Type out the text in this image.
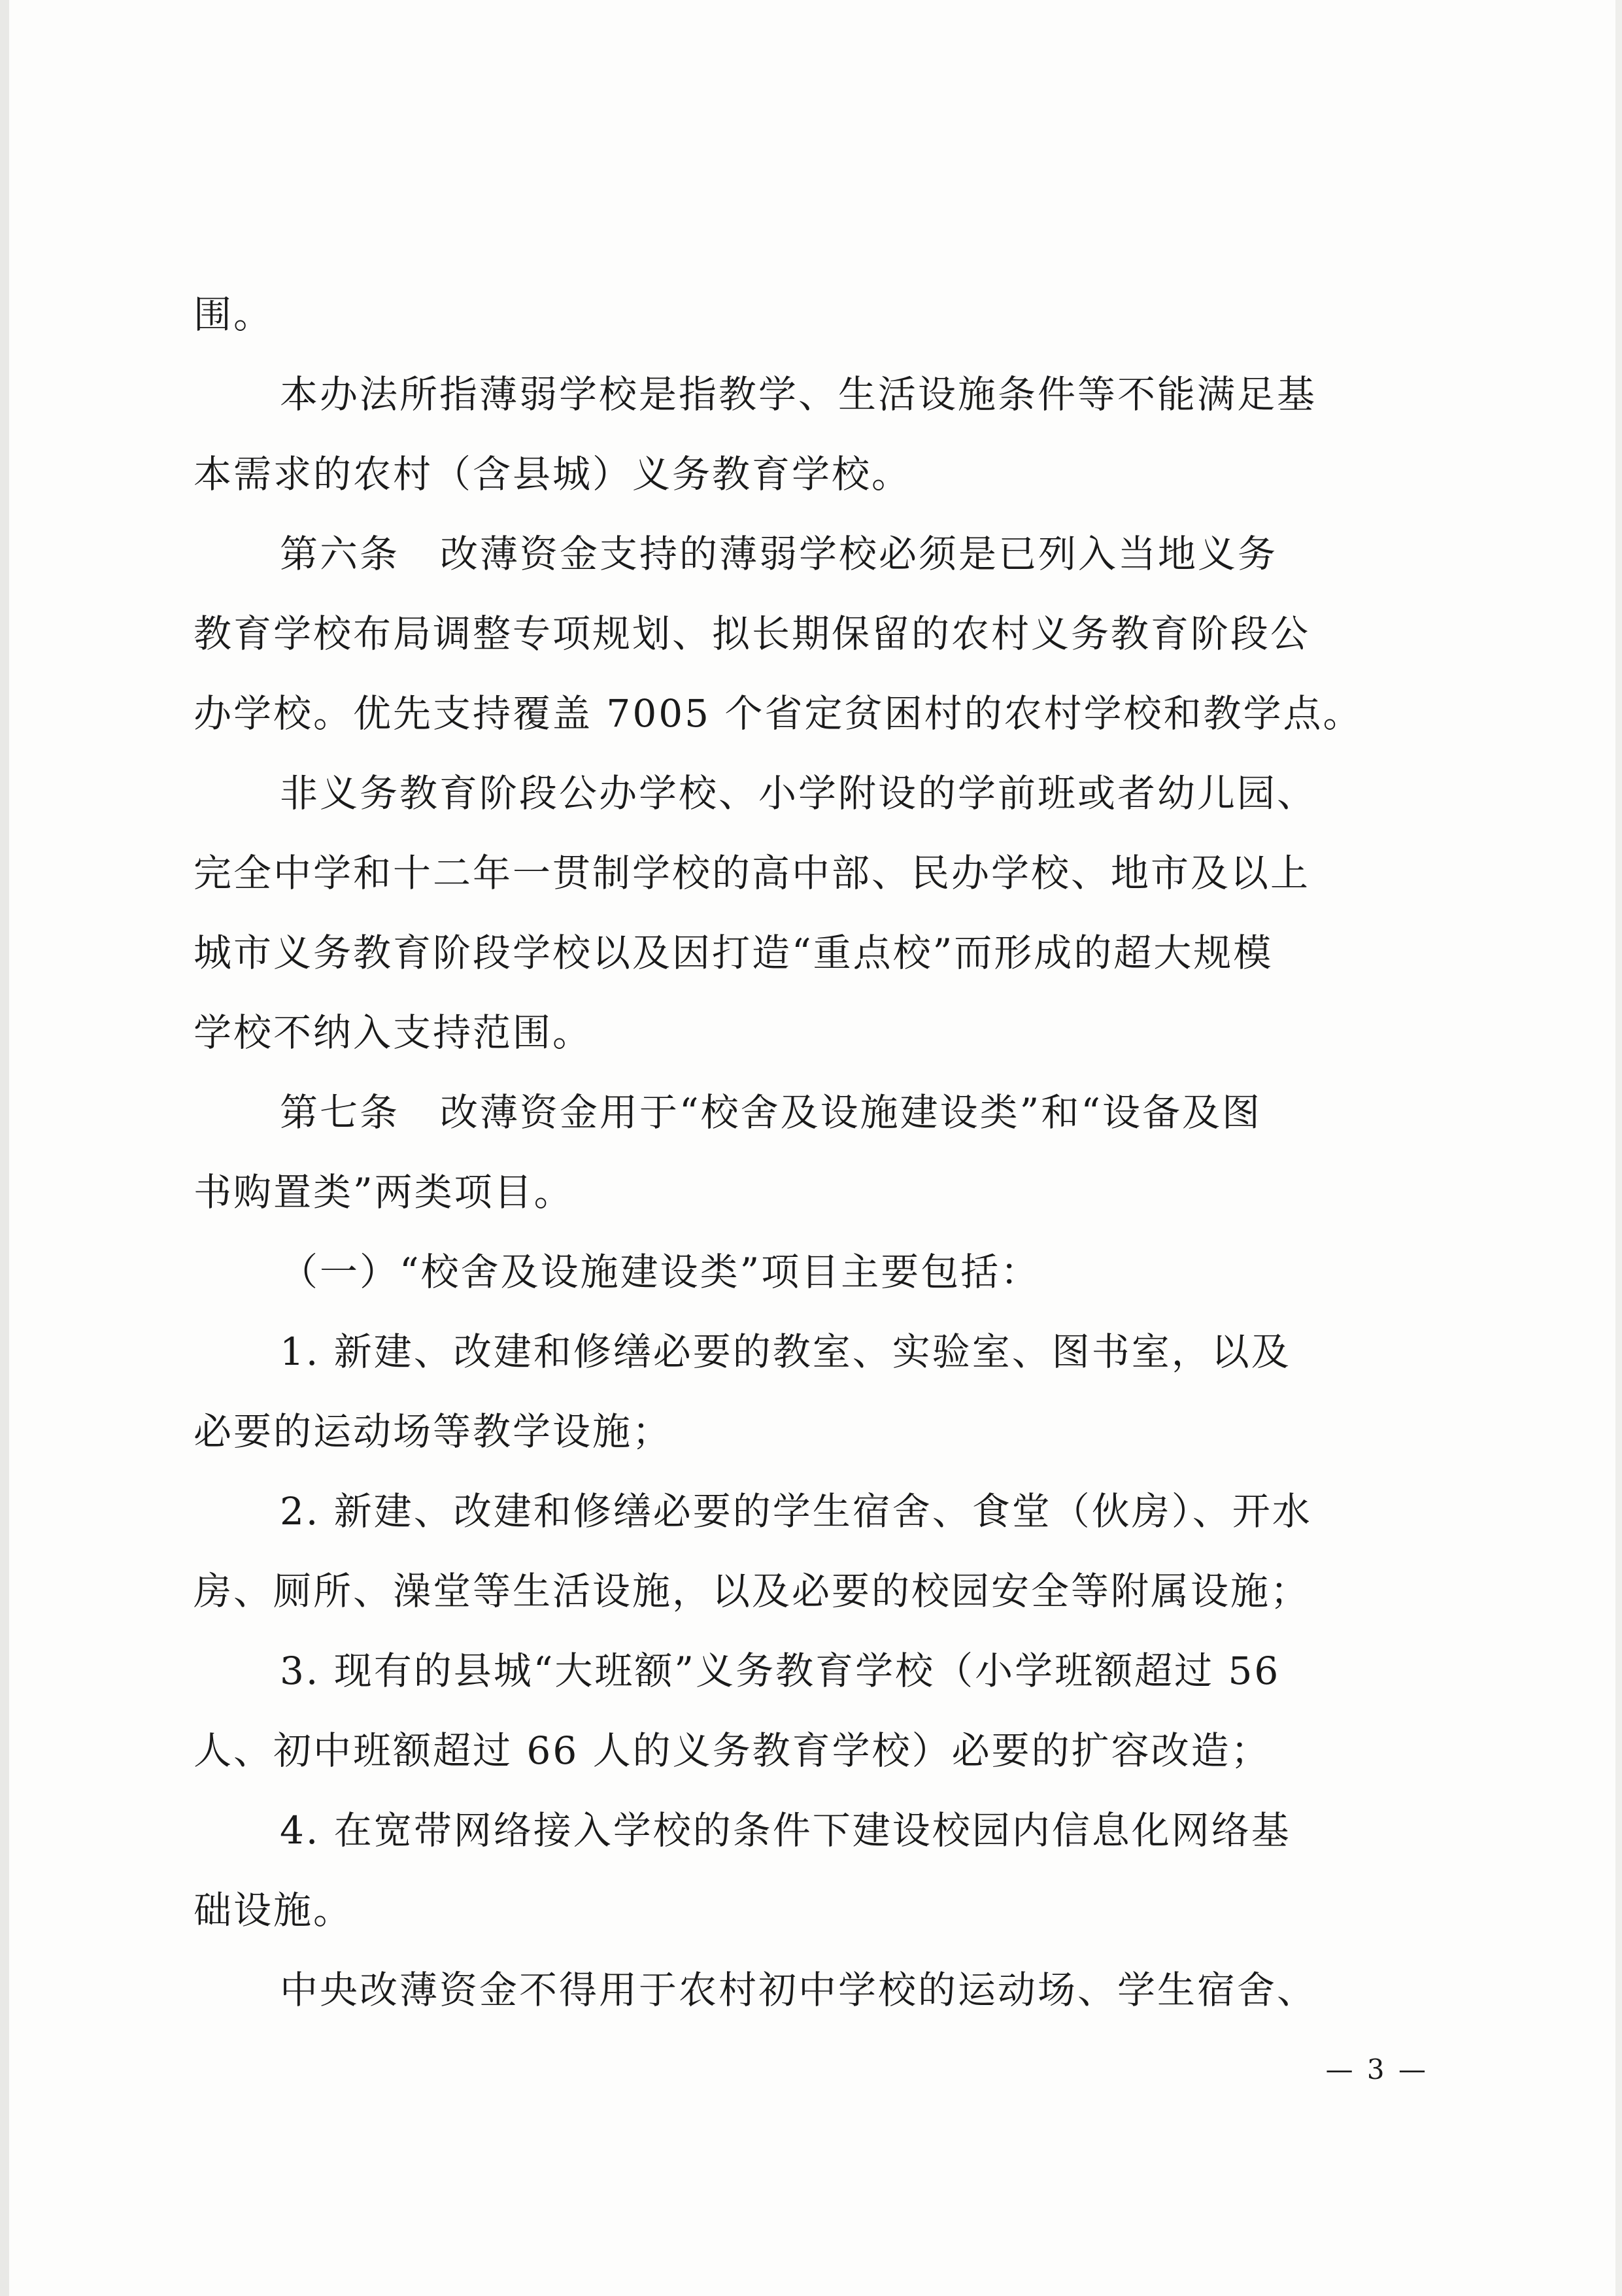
围。
本办法所指薄弱学校是指教学、生活设施条件等不能满足基
本需求的农村（含县城）义务教育学校。
第六条 改薄资金支持的薄弱学校必须是已列入当地义务
教育学校布局调整专项规划、拟长期保留的农村义务教育阶段公
办学校。优先支持覆盖 7005 个省定贫困村的农村学校和教学点。
非义务教育阶段公办学校、小学附设的学前班或者幼儿园、
完全中学和十二年一贯制学校的高中部、民办学校、地市及以上
城市义务教育阶段学校以及因打造“重点校”而形成的超大规模
学校不纳入支持范围。
第七条 改薄资金用于“校舍及设施建设类”和“设备及图
书购置类”两类项目。
（一）“校舍及设施建设类”项目主要包括：
1. 新建、改建和修缮必要的教室、实验室、图书室，以及
必要的运动场等教学设施；
2. 新建、改建和修缮必要的学生宿舍、食堂（伙房）、开水
房、厕所、澡堂等生活设施，以及必要的校园安全等附属设施；
3. 现有的县城“大班额”义务教育学校（小学班额超过 56
人、初中班额超过 66 人的义务教育学校）必要的扩容改造；
4. 在宽带网络接入学校的条件下建设校园内信息化网络基
础设施。
中央改薄资金不得用于农村初中学校的运动场、学生宿舍、
— 3 —
